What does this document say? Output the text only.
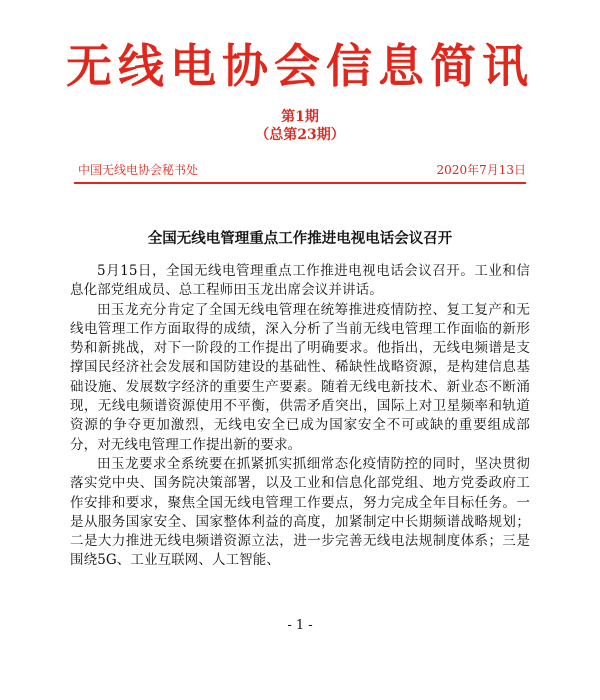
无线电协会信息简讯
第1期
（总第23期）
中国无线电协会秘书处	2020年7月13日
全国无线电管理重点工作推进电视电话会议召开

5月15日，全国无线电管理重点工作推进电视电话会议召开。工业和信息化部党组成员、总工程师田玉龙出席会议并讲话。

田玉龙充分肯定了全国无线电管理在统筹推进疫情防控、复工复产和无线电管理工作方面取得的成绩，深入分析了当前无线电管理工作面临的新形势和新挑战，对下一阶段的工作提出了明确要求。他指出，无线电频谱是支撑国民经济社会发展和国防建设的基础性、稀缺性战略资源，是构建信息基础设施、发展数字经济的重要生产要素。随着无线电新技术、新业态不断涌现，无线电频谱资源使用不平衡，供需矛盾突出，国际上对卫星频率和轨道资源的争夺更加激烈，无线电安全已成为国家安全不可或缺的重要组成部分，对无线电管理工作提出新的要求。

田玉龙要求全系统要在抓紧抓实抓细常态化疫情防控的同时，坚决贯彻落实党中央、国务院决策部署，以及工业和信息化部党组、地方党委政府工作安排和要求，聚焦全国无线电管理工作要点，努力完成全年目标任务。一是从服务国家安全、国家整体利益的高度，加紧制定中长期频谱战略规划；二是大力推进无线电频谱资源立法，进一步完善无线电法规制度体系；三是围绕5G、工业互联网、人工智能、

- 1 -
